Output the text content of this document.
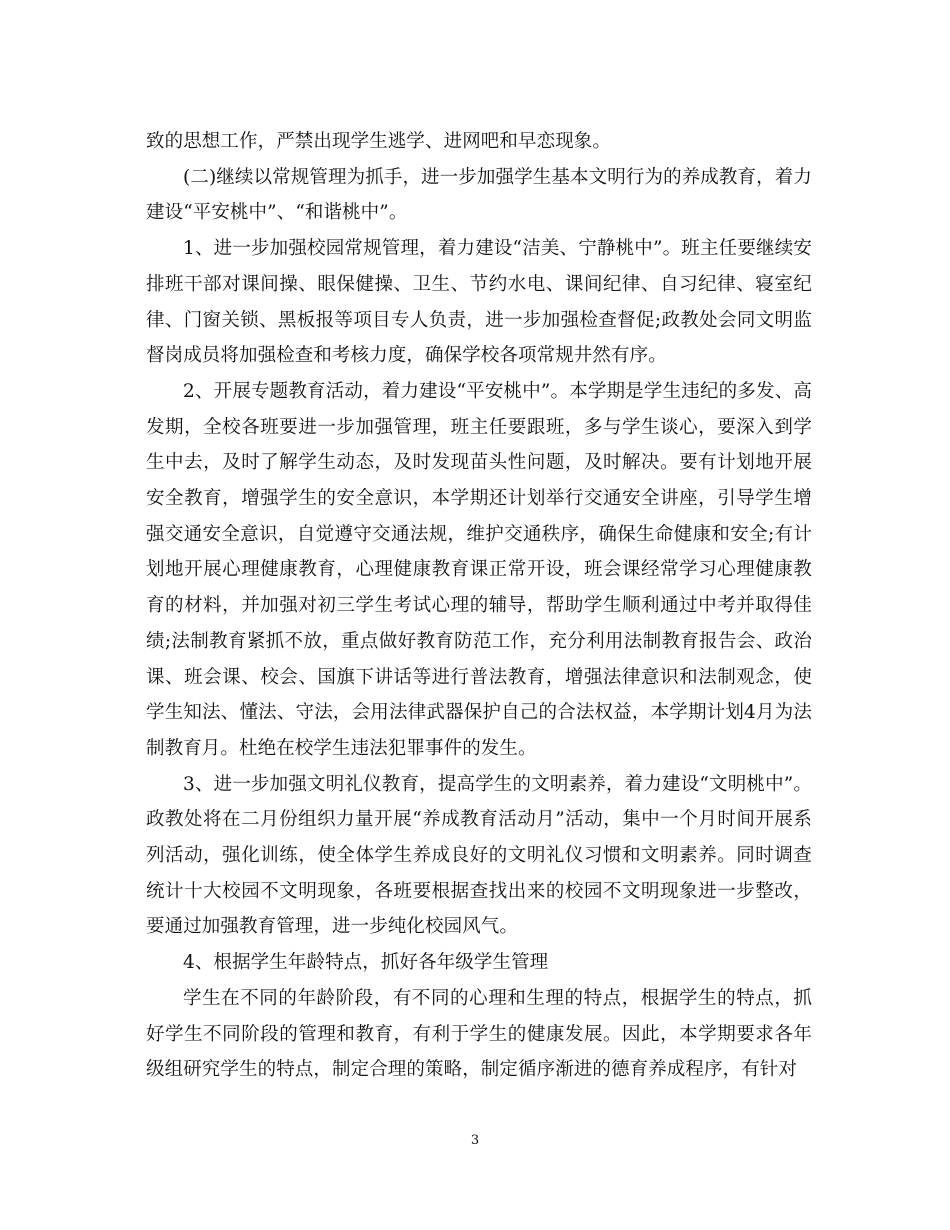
致的思想工作，严禁出现学生逃学、进网吧和早恋现象。

(二)继续以常规管理为抓手，进一步加强学生基本文明行为的养成教育，着力建设“平安桃中”、“和谐桃中”。

1、进一步加强校园常规管理，着力建设“洁美、宁静桃中”。班主任要继续安排班干部对课间操、眼保健操、卫生、节约水电、课间纪律、自习纪律、寝室纪律、门窗关锁、黑板报等项目专人负责，进一步加强检查督促;政教处会同文明监督岗成员将加强检查和考核力度，确保学校各项常规井然有序。

2、开展专题教育活动，着力建设“平安桃中”。本学期是学生违纪的多发、高发期，全校各班要进一步加强管理，班主任要跟班，多与学生谈心，要深入到学生中去，及时了解学生动态，及时发现苗头性问题，及时解决。要有计划地开展安全教育，增强学生的安全意识，本学期还计划举行交通安全讲座，引导学生增强交通安全意识，自觉遵守交通法规，维护交通秩序，确保生命健康和安全;有计划地开展心理健康教育，心理健康教育课正常开设，班会课经常学习心理健康教育的材料，并加强对初三学生考试心理的辅导，帮助学生顺利通过中考并取得佳绩;法制教育紧抓不放，重点做好教育防范工作，充分利用法制教育报告会、政治课、班会课、校会、国旗下讲话等进行普法教育，增强法律意识和法制观念，使学生知法、懂法、守法，会用法律武器保护自己的合法权益，本学期计划4月为法制教育月。杜绝在校学生违法犯罪事件的发生。

3、进一步加强文明礼仪教育，提高学生的文明素养，着力建设“文明桃中”。政教处将在二月份组织力量开展“养成教育活动月”活动，集中一个月时间开展系列活动，强化训练，使全体学生养成良好的文明礼仪习惯和文明素养。同时调查统计十大校园不文明现象，各班要根据查找出来的校园不文明现象进一步整改，要通过加强教育管理，进一步纯化校园风气。

4、根据学生年龄特点，抓好各年级学生管理

学生在不同的年龄阶段，有不同的心理和生理的特点，根据学生的特点，抓好学生不同阶段的管理和教育，有利于学生的健康发展。因此，本学期要求各年级组研究学生的特点，制定合理的策略，制定循序渐进的德育养成程序，有针对

3
